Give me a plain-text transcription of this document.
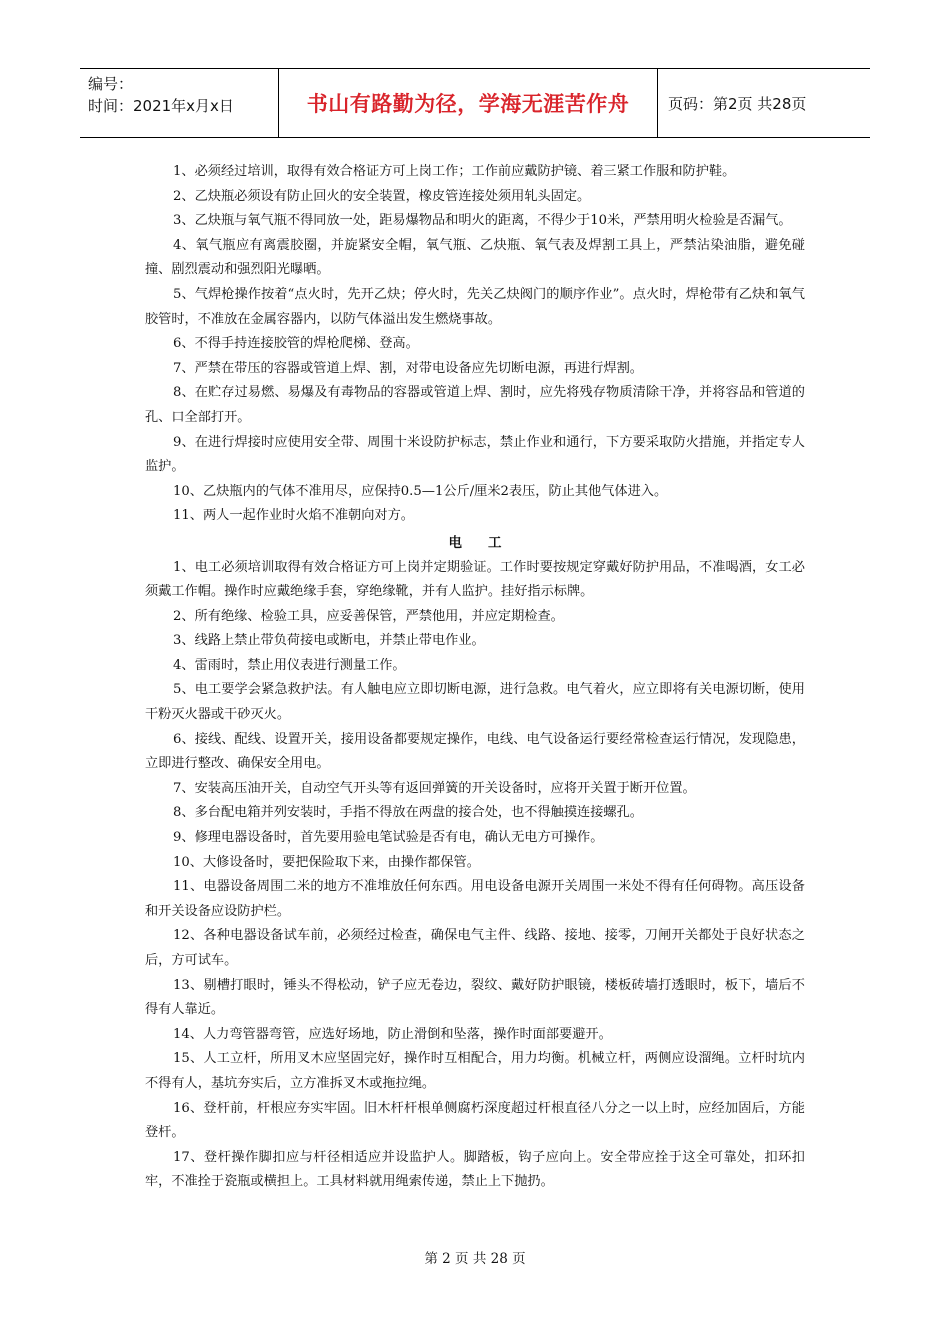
编号：
时间：2021年x月x日	书山有路勤为径，学海无涯苦作舟	页码：第2页 共28页

1、必须经过培训，取得有效合格证方可上岗工作；工作前应戴防护镜、着三紧工作服和防护鞋。

2、乙炔瓶必须设有防止回火的安全装置，橡皮管连接处须用轧头固定。

3、乙炔瓶与氧气瓶不得同放一处，距易爆物品和明火的距离，不得少于10米，严禁用明火检验是否漏气。

4、氧气瓶应有离震胶圈，并旋紧安全帽，氧气瓶、乙炔瓶、氧气表及焊割工具上，严禁沾染油脂，避免碰撞、剧烈震动和强烈阳光曝晒。

5、气焊枪操作按着“点火时，先开乙炔；停火时，先关乙炔阀门的顺序作业”。点火时，焊枪带有乙炔和氧气胶管时，不准放在金属容器内，以防气体溢出发生燃烧事故。

6、不得手持连接胶管的焊枪爬梯、登高。

7、严禁在带压的容器或管道上焊、割，对带电设备应先切断电源，再进行焊割。

8、在贮存过易燃、易爆及有毒物品的容器或管道上焊、割时，应先将残存物质清除干净，并将容品和管道的孔、口全部打开。

9、在进行焊接时应使用安全带、周围十米设防护标志，禁止作业和通行，下方要采取防火措施，并指定专人监护。

10、乙炔瓶内的气体不准用尽，应保持0.5—1公斤/厘米2表压，防止其他气体进入。

11、两人一起作业时火焰不准朝向对方。

电工

1、电工必须培训取得有效合格证方可上岗并定期验证。工作时要按规定穿戴好防护用品，不准喝酒，女工必须戴工作帽。操作时应戴绝缘手套，穿绝缘靴，并有人监护。挂好指示标牌。

2、所有绝缘、检验工具，应妥善保管，严禁他用，并应定期检查。

3、线路上禁止带负荷接电或断电，并禁止带电作业。

4、雷雨时，禁止用仪表进行测量工作。

5、电工要学会紧急救护法。有人触电应立即切断电源，进行急救。电气着火，应立即将有关电源切断，使用干粉灭火器或干砂灭火。

6、接线、配线、设置开关，接用设备都要规定操作，电线、电气设备运行要经常检查运行情况，发现隐患，立即进行整改、确保安全用电。

7、安装高压油开关，自动空气开头等有返回弹簧的开关设备时，应将开关置于断开位置。

8、多台配电箱并列安装时，手指不得放在两盘的接合处，也不得触摸连接螺孔。

9、修理电器设备时，首先要用验电笔试验是否有电，确认无电方可操作。

10、大修设备时，要把保险取下来，由操作都保管。

11、电器设备周围二米的地方不准堆放任何东西。用电设备电源开关周围一米处不得有任何碍物。高压设备和开关设备应设防护栏。

12、各种电器设备试车前，必须经过检查，确保电气主件、线路、接地、接零，刀闸开关都处于良好状态之后，方可试车。

13、剔槽打眼时，锤头不得松动，铲子应无卷边，裂纹、戴好防护眼镜，楼板砖墙打透眼时，板下，墙后不得有人靠近。

14、人力弯管器弯管，应选好场地，防止滑倒和坠落，操作时面部要避开。

15、人工立杆，所用叉木应坚固完好，操作时互相配合，用力均衡。机械立杆，两侧应设溜绳。立杆时坑内不得有人，基坑夯实后，立方准拆叉木或拖拉绳。

16、登杆前，杆根应夯实牢固。旧木杆杆根单侧腐朽深度超过杆根直径八分之一以上时，应经加固后，方能登杆。

17、登杆操作脚扣应与杆径相适应并设监护人。脚踏板，钩子应向上。安全带应拴于这全可靠处，扣环扣牢，不准拴于瓷瓶或横担上。工具材料就用绳索传递，禁止上下抛扔。

第 2 页 共 28 页
